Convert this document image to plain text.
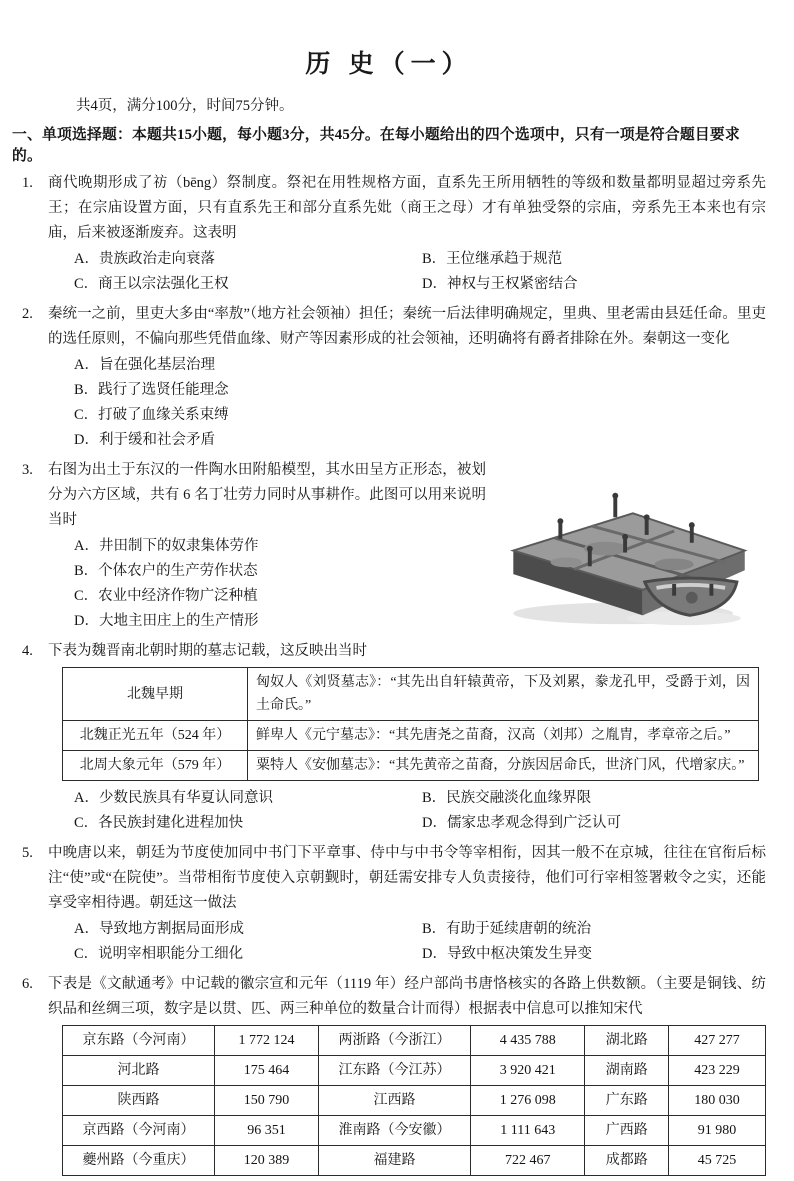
历 史（一）
共4页，满分100分，时间75分钟。
一、单项选择题：本题共15小题，每小题3分，共45分。在每小题给出的四个选项中，只有一项是符合题目要求的。
1.	商代晚期形成了祊（bēng）祭制度。祭祀在用牲规格方面，直系先王所用牺牲的等级和数量都明显超过旁系先王；在宗庙设置方面，只有直系先王和部分直系先妣（商王之母）才有单独受祭的宗庙，旁系先王本来也有宗庙，后来被逐渐废弃。这表明
A．贵族政治走向衰落	B．王位继承趋于规范
C．商王以宗法强化王权	D．神权与王权紧密结合
2.	秦统一之前，里吏大多由“率敖”（地方社会领袖）担任；秦统一后法律明确规定，里典、里老需由县廷任命。里吏的选任原则，不偏向那些凭借血缘、财产等因素形成的社会领袖，还明确将有爵者排除在外。秦朝这一变化
A．旨在强化基层治理
B．践行了选贤任能理念
C．打破了血缘关系束缚
D．利于缓和社会矛盾
3.	右图为出土于东汉的一件陶水田附船模型，其水田呈方正形态，被划分为六方区域，共有 6 名丁壮劳力同时从事耕作。此图可以用来说明当时
A．井田制下的奴隶集体劳作
B．个体农户的生产劳作状态
C．农业中经济作物广泛种植
D．大地主田庄上的生产情形
4.	下表为魏晋南北朝时期的墓志记载，这反映出当时
北魏早期	匈奴人《刘贤墓志》：“其先出自轩辕黄帝，下及刘累，豢龙孔甲，受爵于刘，因土命氏。”
北魏正光五年（524 年）	鲜卑人《元宁墓志》：“其先唐尧之苗裔，汉高（刘邦）之胤胄，孝章帝之后。”
北周大象元年（579 年）	粟特人《安伽墓志》：“其先黄帝之苗裔，分族因居命氏，世济门风，代增家庆。”
A．少数民族具有华夏认同意识	B．民族交融淡化血缘界限
C．各民族封建化进程加快	D．儒家忠孝观念得到广泛认可
5.	中晚唐以来，朝廷为节度使加同中书门下平章事、侍中与中书令等宰相衔，因其一般不在京城，往往在官衔后标注“使”或“在院使”。当带相衔节度使入京朝觐时，朝廷需安排专人负责接待，他们可行宰相签署敕令之实，还能享受宰相待遇。朝廷这一做法
A．导致地方割据局面形成	B．有助于延续唐朝的统治
C．说明宰相职能分工细化	D．导致中枢决策发生异变
6.	下表是《文献通考》中记载的徽宗宣和元年（1119 年）经户部尚书唐恪核实的各路上供数额。（主要是铜钱、纺织品和丝绸三项，数字是以贯、匹、两三种单位的数量合计而得）根据表中信息可以推知宋代
京东路（今河南）	1 772 124	两浙路（今浙江）	4 435 788	湖北路	427 277
河北路	175 464	江东路（今江苏）	3 920 421	湖南路	423 229
陕西路	150 790	江西路	1 276 098	广东路	180 030
京西路（今河南）	96 351	淮南路（今安徽）	1 111 643	广西路	91 980
夔州路（今重庆）	120 389	福建路	722 467	成都路	45 725
